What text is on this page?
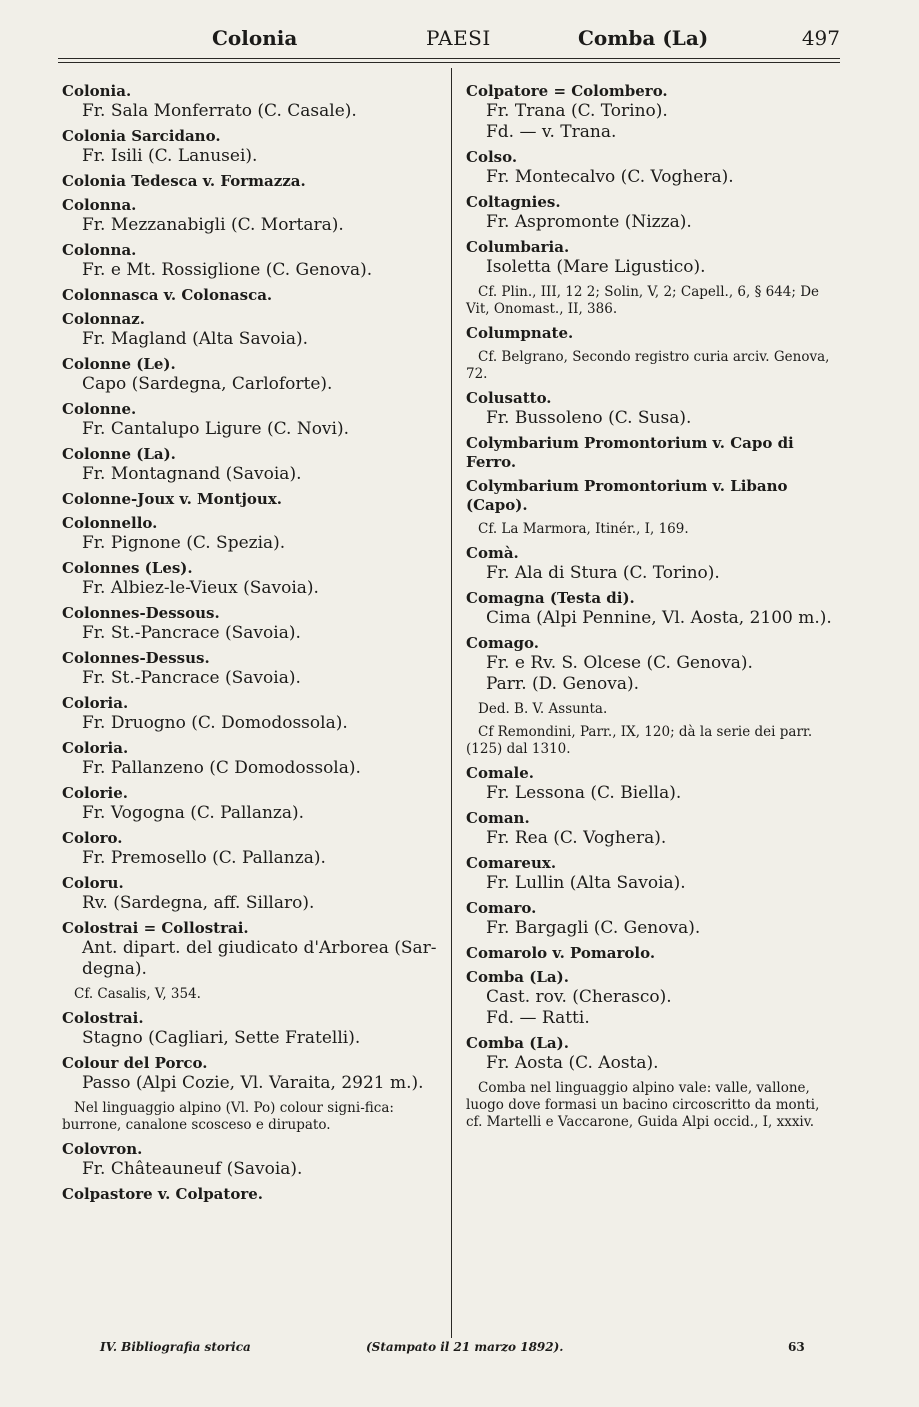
Colonia	PAESI	Comba (La)	497
Colonia.
Fr. Sala Monferrato (C. Casale).
Colonia Sarcidano.
Fr. Isili (C. Lanusei).
Colonia Tedesca v. Formazza.
Colonna.
Fr. Mezzanabigli (C. Mortara).
Colonna.
Fr. e Mt. Rossiglione (C. Genova).
Colonnasca v. Colonasca.
Colonnaz.
Fr. Magland (Alta Savoia).
Colonne (Le).
Capo (Sardegna, Carloforte).
Colonne.
Fr. Cantalupo Ligure (C. Novi).
Colonne (La).
Fr. Montagnand (Savoia).
Colonne-Joux v. Montjoux.
Colonnello.
Fr. Pignone (C. Spezia).
Colonnes (Les).
Fr. Albiez-le-Vieux (Savoia).
Colonnes-Dessous.
Fr. St.-Pancrace (Savoia).
Colonnes-Dessus.
Fr. St.-Pancrace (Savoia).
Coloria.
Fr. Druogno (C. Domodossola).
Coloria.
Fr. Pallanzeno (C Domodossola).
Colorie.
Fr. Vogogna (C. Pallanza).
Coloro.
Fr. Premosello (C. Pallanza).
Coloru.
Rv. (Sardegna, aff. Sillaro).
Colostrai = Collostrai.
Ant. dipart. del giudicato d'Arborea (Sar-
degna).
Cf. Casalis, V, 354.
Colostrai.
Stagno (Cagliari, Sette Fratelli).
Colour del Porco.
Passo (Alpi Cozie, Vl. Varaita, 2921 m.).
Nel linguaggio alpino (Vl. Po) colour signi-fica: burrone, canalone scosceso e dirupato.
Colovron.
Fr. Châteauneuf (Savoia).
Colpastore v. Colpatore.
Colpatore = Colombero.
Fr. Trana (C. Torino).
Fd. — v. Trana.
Colso.
Fr. Montecalvo (C. Voghera).
Coltagnies.
Fr. Aspromonte (Nizza).
Columbaria.
Isoletta (Mare Ligustico).
Cf. Plin., III, 12 2; Solin, V, 2; Capell., 6, § 644; De Vit, Onomast., II, 386.
Columpnate.
Cf. Belgrano, Secondo registro curia arciv. Genova, 72.
Colusatto.
Fr. Bussoleno (C. Susa).
Colymbarium Promontorium v. Capo di Ferro.
Colymbarium Promontorium v. Libano (Capo).
Cf. La Marmora, Itinér., I, 169.
Comà.
Fr. Ala di Stura (C. Torino).
Comagna (Testa di).
Cima (Alpi Pennine, Vl. Aosta, 2100 m.).
Comago.
Fr. e Rv. S. Olcese (C. Genova).
Parr. (D. Genova).
Ded. B. V. Assunta.
Cf Remondini, Parr., IX, 120; dà la serie dei parr. (125) dal 1310.
Comale.
Fr. Lessona (C. Biella).
Coman.
Fr. Rea (C. Voghera).
Comareux.
Fr. Lullin (Alta Savoia).
Comaro.
Fr. Bargagli (C. Genova).
Comarolo v. Pomarolo.
Comba (La).
Cast. rov. (Cherasco).
Fd. — Ratti.
Comba (La).
Fr. Aosta (C. Aosta).
Comba nel linguaggio alpino vale: valle, vallone, luogo dove formasi un bacino circoscritto da monti, cf. Martelli e Vaccarone, Guida Alpi occid., I, xxxiv.
IV. Bibliografia storica	(Stampato il 21 marzo 1892).	63
